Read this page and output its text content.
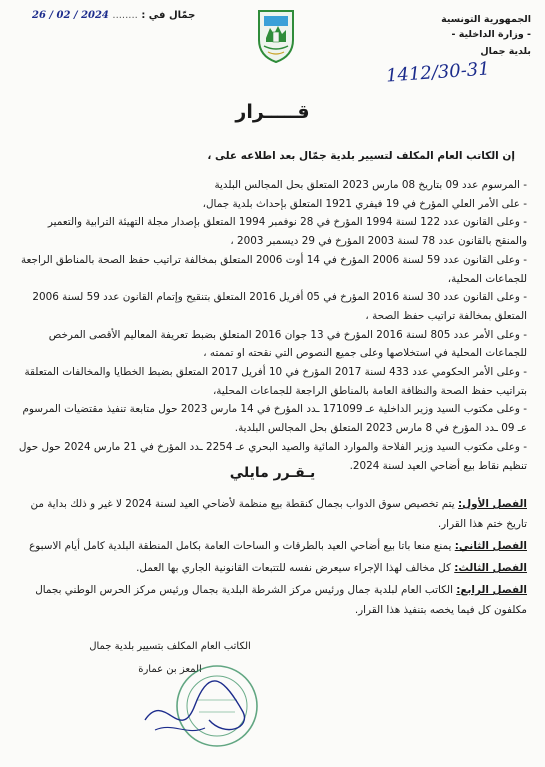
الجمهورية التونسية
- وزارة الداخلية -
بلدية جمال
جمّال في : ........ 26 / 02 / 2024
1412/30-31
قـــــرار
إن الكاتب العام المكلف لتسيير بلدية جمّال بعد اطلاعه على ،

- المرسوم عدد 09 بتاريخ 08 مارس 2023 المتعلق بحل المجالس البلدية

- على الأمر العلي المؤرخ في 19 فيفري 1921 المتعلق بإحداث بلدية جمال،

- وعلى القانون عدد 122 لسنة 1994 المؤرخ في 28 نوفمبر 1994 المتعلق بإصدار مجلة التهيئة الترابية والتعمير والمنقح بالقانون عدد 78 لسنة 2003 المؤرخ في 29 ديسمبر 2003 ،

- وعلى القانون عدد 59 لسنة 2006 المؤرخ في 14 أوت 2006 المتعلق بمخالفة تراتيب حفظ الصحة بالمناطق الراجعة للجماعات المحلية،

- وعلى القانون عدد 30 لسنة 2016 المؤرخ في 05 أفريل 2016 المتعلق بتنقيح وإتمام القانون عدد 59 لسنة 2006 المتعلق بمخالفة تراتيب حفظ الصحة ،

- وعلى الأمر عدد 805 لسنة 2016 المؤرخ في 13 جوان 2016 المتعلق بضبط تعريفة المعاليم الأقصى المرخص للجماعات المحلية في استخلاصها وعلى جميع النصوص التي نقحته او تممته ،

- وعلى الأمر الحكومي عدد 433 لسنة 2017 المؤرخ في 10 أفريل 2017 المتعلق بضبط الخطايا والمخالفات المتعلقة بتراتيب حفظ الصحة والنظافة العامة بالمناطق الراجعة للجماعات المحلية،

- وعلى مكتوب السيد وزير الداخلية عـ 171099 ـدد المؤرخ في 14 مارس 2023 حول متابعة تنفيذ مقتضيات المرسوم عـ 09 ـدد المؤرخ في 8 مارس 2023 المتعلق بحل المجالس البلدية.

- وعلى مكتوب السيد وزير الفلاحة والموارد المائية والصيد البحري عـ 2254 ـدد المؤرخ في 21 مارس 2024 حول حول تنظيم نقاط بيع أضاحي العيد لسنة 2024.

يـقـرر مايلي

الفصل الأول: يتم تخصيص سوق الدواب بجمال كنقطة بيع منظمة لأضاحي العيد لسنة 2024 لا غير و ذلك بداية من تاريخ ختم هذا القرار.

الفصل الثاني: يمنع منعا باتا بيع أضاحي العيد بالطرقات و الساحات العامة بكامل المنطقة البلدية كامل أيام الاسبوع

الفصل الثالث: كل مخالف لهذا الإجراء سيعرض نفسه للتتبعات القانونية الجاري بها العمل.

الفصل الرابع: الكاتب العام لبلدية جمال ورئيس مركز الشرطة البلدية بجمال ورئيس مركز الحرس الوطني بجمال مكلفون كل فيما يخصه بتنفيذ هذا القرار.

الكاتب العام المكلف بتسيير بلدية جمال
المعز بن عمارة
